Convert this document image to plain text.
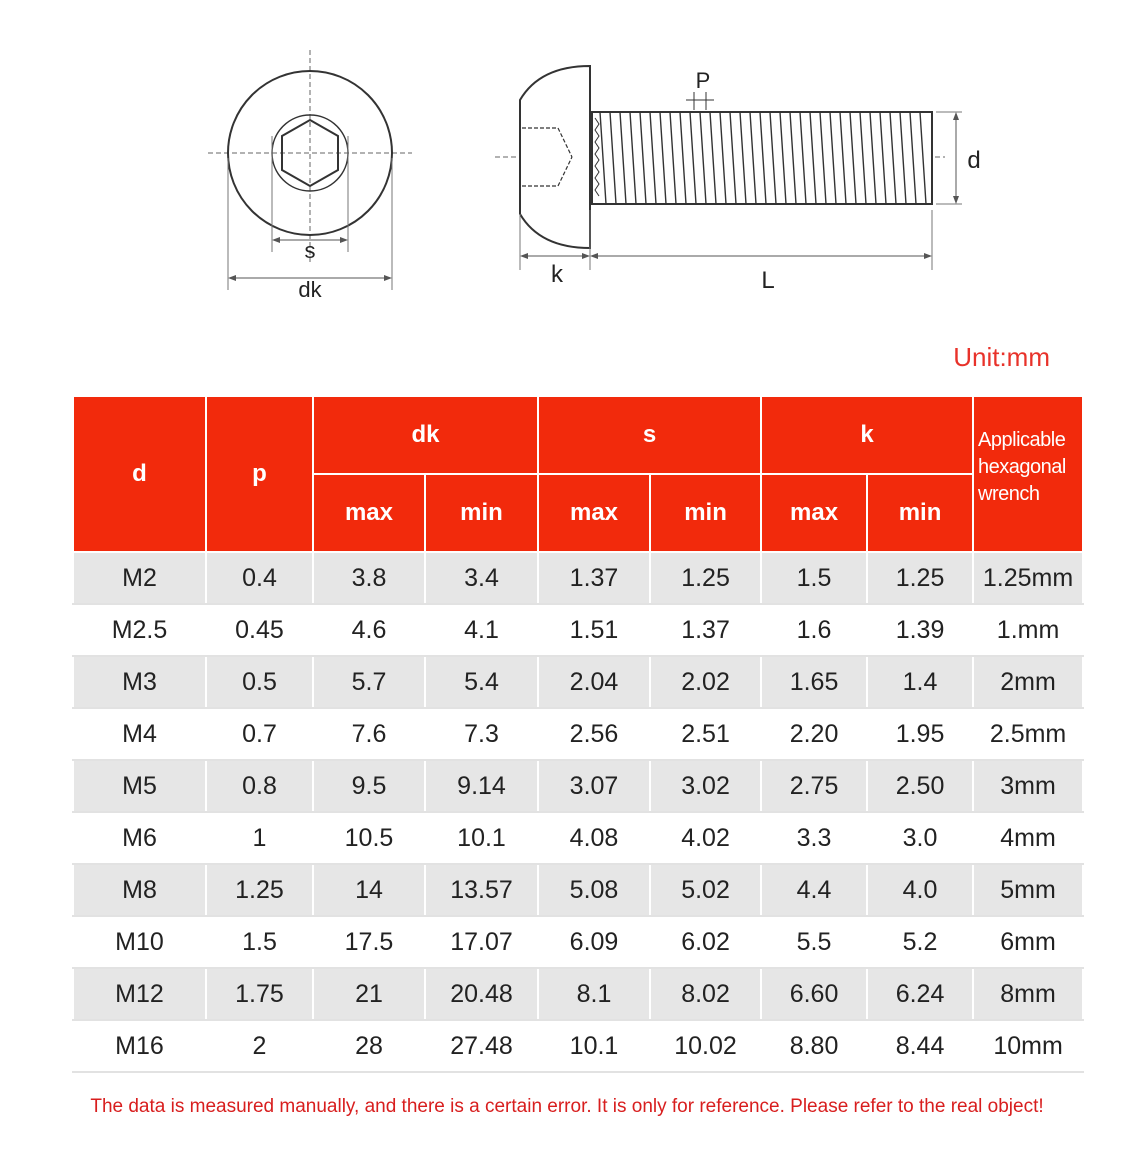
s
dk
P
d
k	L
Unit:mm
d	p	dk		s		k		Applicable
hexagonal
wrench

		max	min	max	min	max	min	
M2	0.4	3.8	3.4	1.37	1.25	1.5	1.25	1.25mm
M2.5	0.45	4.6	4.1	1.51	1.37	1.6	1.39	1.mm
M3	0.5	5.7	5.4	2.04	2.02	1.65	1.4	2mm
M4	0.7	7.6	7.3	2.56	2.51	2.20	1.95	2.5mm
M5	0.8	9.5	9.14	3.07	3.02	2.75	2.50	3mm
M6	1	10.5	10.1	4.08	4.02	3.3	3.0	4mm
M8	1.25	14	13.57	5.08	5.02	4.4	4.0	5mm
M10	1.5	17.5	17.07	6.09	6.02	5.5	5.2	6mm
M12	1.75	21	20.48	8.1	8.02	6.60	6.24	8mm
M16	2	28	27.48	10.1	10.02	8.80	8.44	10mm
The data is measured manually, and there is a certain error. It is only for reference. Please refer to the real object!
